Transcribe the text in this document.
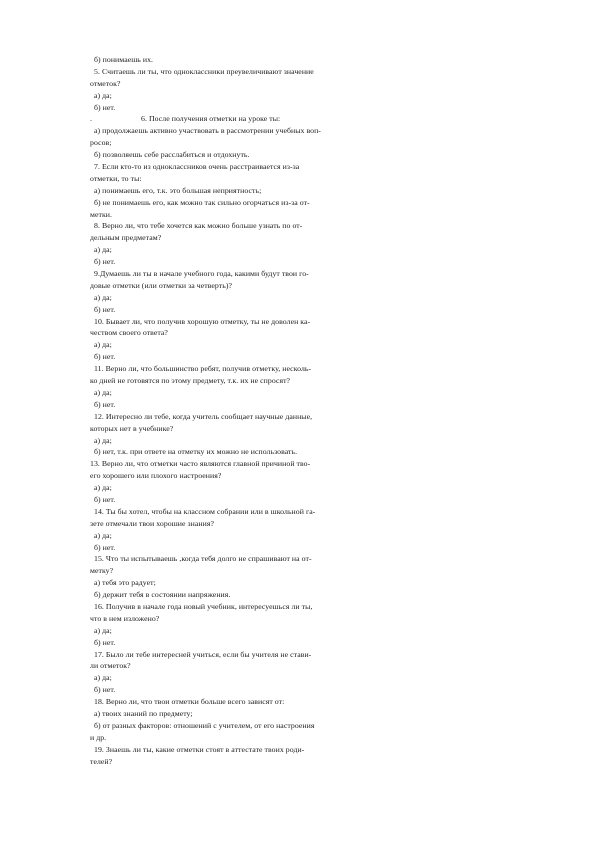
б) понимаешь их.
5. Считаешь ли ты, что одноклассники преувеличивают значение
отметок?
а) да;
б) нет.
.	6. После получения отметки на уроке ты:
а) продолжаешь активно участвовать в рассмотрении учебных воп-
росов;
б) позволяешь себе расслабиться и отдохнуть.
7. Если кто-то из одноклассников очень расстраивается из-за
отметки, то ты:
а) понимаешь его, т.к. это большая неприятность;
б) не понимаешь его, как можно так сильно огорчаться из-за от-
метки.
8. Верно ли, что тебе хочется как можно больше узнать по от-
дельным предметам?
а) да;
б) нет.
9.Думаешь ли ты в начале учебного года, какими будут твои го-
довые отметки (или отметки за четверть)?
а) да;
б) нет.
10. Бывает ли, что получив хорошую отметку, ты не доволен ка-
чеством своего ответа?
а) да;
б) нет.
11. Верно ли, что большинство ребят, получив отметку, несколь-
ко дней не готовятся по этому предмету, т.к. их не спросят?
а) да;
б) нет.
12. Интересно ли тебе, когда учитель сообщает научные данные,
которых нет в учебнике?
а) да;
б) нет, т.к. при ответе на отметку их можно не использовать.
13. Верно ли, что отметки часто являются главной причиной тво-
его хорошего или плохого настроения?
а) да;
б) нет.
14. Ты бы хотел, чтобы на классном собрании или в школьной га-
зете отмечали твои хорошие знания?
а) да;
б) нет.
15. Что ты испытываешь ,когда тебя долго не спрашивают на от-
метку?
а) тебя это радует;
б) держит тебя в состоянии напряжения.
16. Получив в начале года новый учебник, интересуешься ли ты,
что в нем изложено?
а) да;
б) нет.
17. Было ли тебе интересней учиться, если бы учителя не стави-
ли отметок?
а) да;
б) нет.
18. Верно ли, что твои отметки больше всего зависят от:
а) твоих знаний по предмету;
б) от разных факторов: отношений с учителем, от его настроения
и др.
19. Знаешь ли ты, какие отметки стоят в аттестате твоих роди-
телей?
